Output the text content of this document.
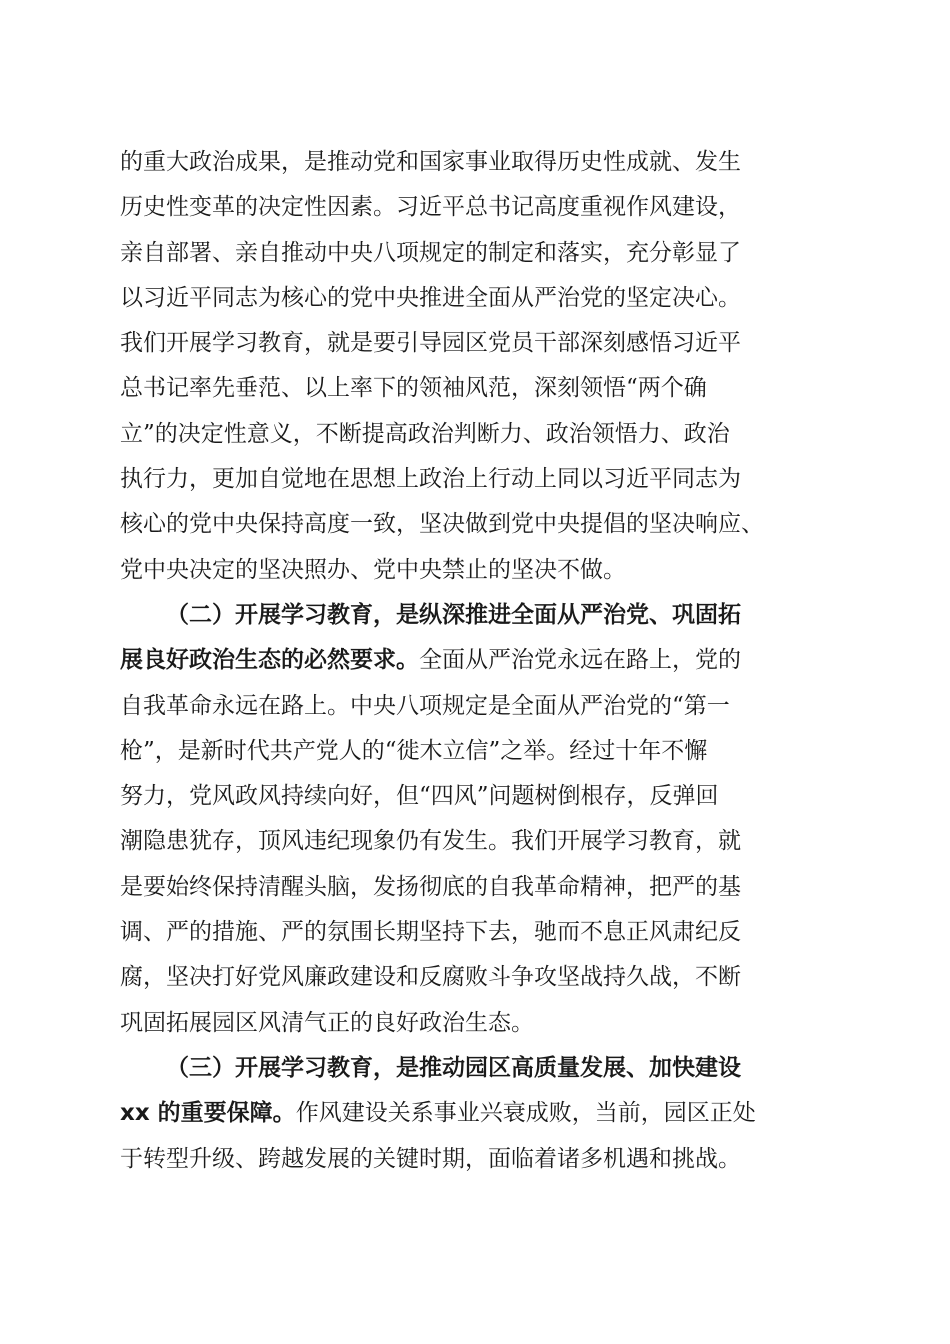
的重大政治成果，是推动党和国家事业取得历史性成就、发生
历史性变革的决定性因素。习近平总书记高度重视作风建设，
亲自部署、亲自推动中央八项规定的制定和落实，充分彰显了
以习近平同志为核心的党中央推进全面从严治党的坚定决心。
我们开展学习教育，就是要引导园区党员干部深刻感悟习近平
总书记率先垂范、以上率下的领袖风范，深刻领悟“两个确
立”的决定性意义，不断提高政治判断力、政治领悟力、政治
执行力，更加自觉地在思想上政治上行动上同以习近平同志为
核心的党中央保持高度一致，坚决做到党中央提倡的坚决响应、
党中央决定的坚决照办、党中央禁止的坚决不做。
（二）开展学习教育，是纵深推进全面从严治党、巩固拓
展良好政治生态的必然要求。全面从严治党永远在路上，党的
自我革命永远在路上。中央八项规定是全面从严治党的“第一
枪”，是新时代共产党人的“徙木立信”之举。经过十年不懈
努力，党风政风持续向好，但“四风”问题树倒根存，反弹回
潮隐患犹存，顶风违纪现象仍有发生。我们开展学习教育，就
是要始终保持清醒头脑，发扬彻底的自我革命精神，把严的基
调、严的措施、严的氛围长期坚持下去，驰而不息正风肃纪反
腐，坚决打好党风廉政建设和反腐败斗争攻坚战持久战，不断
巩固拓展园区风清气正的良好政治生态。
（三）开展学习教育，是推动园区高质量发展、加快建设
xx 的重要保障。作风建设关系事业兴衰成败，当前，园区正处
于转型升级、跨越发展的关键时期，面临着诸多机遇和挑战。
